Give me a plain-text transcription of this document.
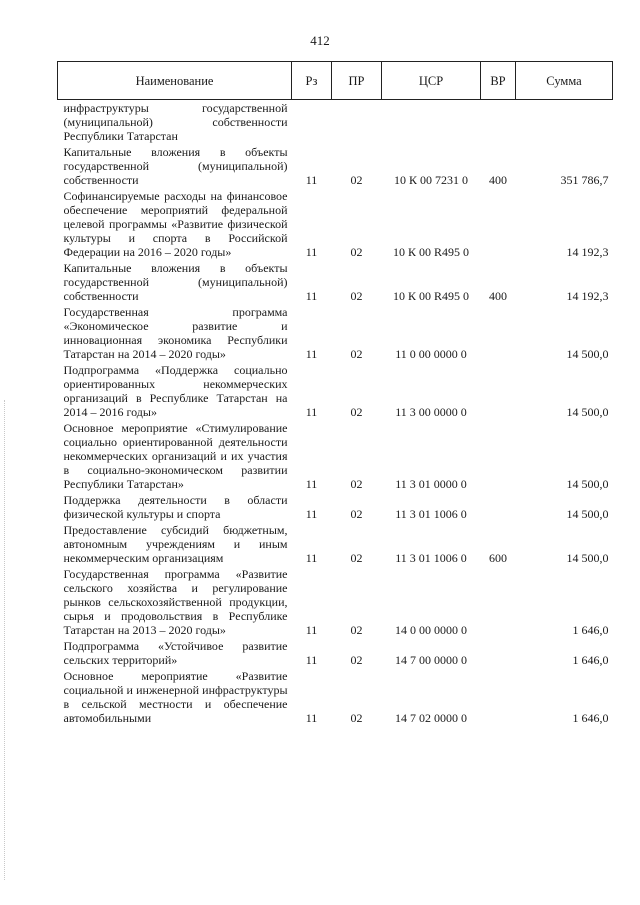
412
Наименование	Рз	ПР	ЦСР	ВР	Сумма
инфраструктуры государственной (муниципальной) собственности Республики Татарстан					
Капитальные вложения в объекты государственной (муниципальной) собственности	11	02	10 К 00 7231 0	400	351 786,7
Софинансируемые расходы на финансовое обеспечение мероприятий федеральной целевой программы «Развитие физической культуры и спорта в Российской Федерации на 2016 – 2020 годы»	11	02	10 К 00 R495 0		14 192,3
Капитальные вложения в объекты государственной (муниципальной) собственности	11	02	10 К 00 R495 0	400	14 192,3
Государственная программа «Экономическое развитие и инновационная экономика Республики Татарстан на 2014 – 2020 годы»	11	02	11 0 00 0000 0		14 500,0
Подпрограмма «Поддержка социально ориентированных некоммерческих организаций в Республике Татарстан на 2014 – 2016 годы»	11	02	11 3 00 0000 0		14 500,0
Основное мероприятие «Стимулирование социально ориентированной деятельности некоммерческих организаций и их участия в социально-экономическом развитии Республики Татарстан»	11	02	11 3 01 0000 0		14 500,0
Поддержка деятельности в области физической культуры и спорта	11	02	11 3 01 1006 0		14 500,0
Предоставление субсидий бюджетным, автономным учреждениям и иным некоммерческим организациям	11	02	11 3 01 1006 0	600	14 500,0
Государственная программа «Развитие сельского хозяйства и регулирование рынков сельскохозяйственной продукции, сырья и продовольствия в Республике Татарстан на 2013 – 2020 годы»	11	02	14 0 00 0000 0		1 646,0
Подпрограмма «Устойчивое развитие сельских территорий»	11	02	14 7 00 0000 0		1 646,0
Основное мероприятие «Развитие социальной и инженерной инфраструктуры в сельской местности и обеспечение автомобильными	11	02	14 7 02 0000 0		1 646,0
